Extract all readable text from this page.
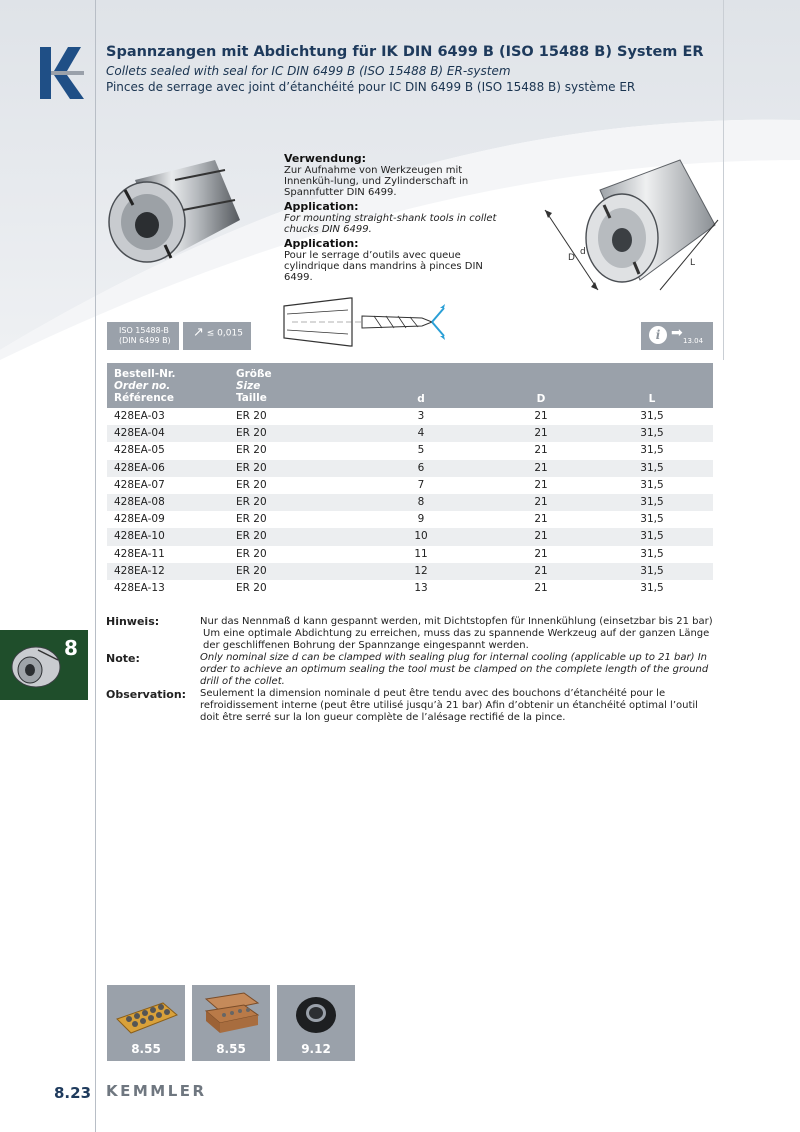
Spannzangen mit Abdichtung für IK DIN 6499 B (ISO 15488 B) System ER
Collets sealed with seal for IC DIN 6499 B (ISO 15488 B) ER-system
Pinces de serrage avec joint d’étanchéité pour IC DIN 6499 B (ISO 15488 B) système ER
Verwendung:

Zur Aufnahme von Werkzeugen mit Innenküh-lung, und Zylinderschaft in Spannfutter DIN 6499.

Application:

For mounting straight-shank tools in collet chucks DIN 6499.

Application:

Pour le serrage d’outils avec queue cylindrique dans mandrins à pinces DIN 6499.

D
d
L
ISO 15488-B
(DIN 6499 B)
↗ ≤ 0,015	i ➡ 13.04
Bestell-Nr.
Order no.
Référence
Größe
Size
Taille	d	D	L
428EA-03	ER 20	3	21	31,5
428EA-04	ER 20	4	21	31,5
428EA-05	ER 20	5	21	31,5
428EA-06	ER 20	6	21	31,5
428EA-07	ER 20	7	21	31,5
428EA-08	ER 20	8	21	31,5
428EA-09	ER 20	9	21	31,5
428EA-10	ER 20	10	21	31,5
428EA-11	ER 20	11	21	31,5
428EA-12	ER 20	12	21	31,5
428EA-13	ER 20	13	21	31,5
Hinweis:	Nur das Nennmaß d kann gespannt werden, mit Dichtstopfen für Innenkühlung (einsetzbar bis 21 bar)
Um eine optimale Abdichtung zu erreichen, muss das zu spannende Werkzeug auf der ganzen Länge der geschliffenen Bohrung der Spannzange eingespannt werden.
Note:	Only nominal size d can be clamped with sealing plug for internal cooling (applicable up to 21 bar) In order to achieve an optimum sealing the tool must be clamped on the complete length of the ground drill of the collet.
Observation: Seulement la dimension nominale d peut être tendu avec des bouchons d’étanchéité pour le refroidissement interne (peut être utilisé jusqu’à 21 bar) Afin d’obtenir un étanchéité optimal l’outil doit être serré sur la lon gueur complète de l’alésage rectifié de la pince.
8
8.55	8.55	9.12
8.23 KEMMLER
